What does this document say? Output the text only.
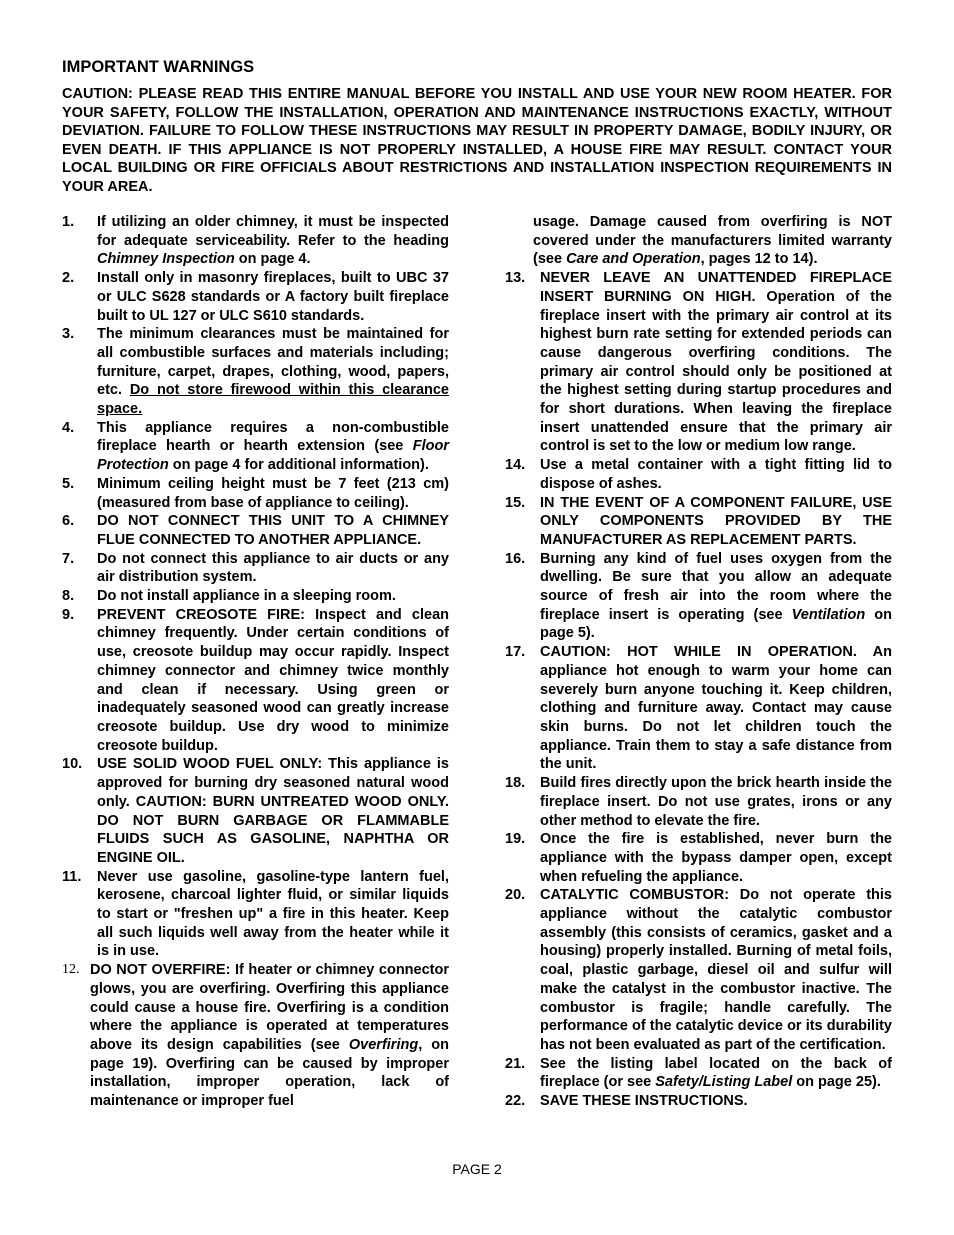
IMPORTANT WARNINGS

CAUTION: PLEASE READ THIS ENTIRE MANUAL BEFORE YOU INSTALL AND USE YOUR NEW ROOM HEATER. FOR YOUR SAFETY, FOLLOW THE INSTALLATION, OPERATION AND MAINTENANCE INSTRUCTIONS EXACTLY, WITHOUT DEVIATION. FAILURE TO FOLLOW THESE INSTRUCTIONS MAY RESULT IN PROPERTY DAMAGE, BODILY INJURY, OR EVEN DEATH. IF THIS APPLIANCE IS NOT PROPERLY INSTALLED, A HOUSE FIRE MAY RESULT. CONTACT YOUR LOCAL BUILDING OR FIRE OFFICIALS ABOUT RESTRICTIONS AND INSTALLATION INSPECTION REQUIREMENTS IN YOUR AREA.

1. If utilizing an older chimney, it must be inspected for adequate serviceability. Refer to the heading Chimney Inspection on page 4.
2. Install only in masonry fireplaces, built to UBC 37 or ULC S628 standards or A factory built fireplace built to UL 127 or ULC S610 standards.
3. The minimum clearances must be maintained for all combustible surfaces and materials including; furniture, carpet, drapes, clothing, wood, papers, etc. Do not store firewood within this clearance space.
4. This appliance requires a non-combustible fireplace hearth or hearth extension (see Floor Protection on page 4 for additional information).
5. Minimum ceiling height must be 7 feet (213 cm) (measured from base of appliance to ceiling).
6. DO NOT CONNECT THIS UNIT TO A CHIMNEY FLUE CONNECTED TO ANOTHER APPLIANCE.
7. Do not connect this appliance to air ducts or any air distribution system.
8. Do not install appliance in a sleeping room.
9. PREVENT CREOSOTE FIRE: Inspect and clean chimney frequently. Under certain conditions of use, creosote buildup may occur rapidly. Inspect chimney connector and chimney twice monthly and clean if necessary. Using green or inadequately seasoned wood can greatly increase creosote buildup. Use dry wood to minimize creosote buildup.
10. USE SOLID WOOD FUEL ONLY: This appliance is approved for burning dry seasoned natural wood only. CAUTION: BURN UNTREATED WOOD ONLY. DO NOT BURN GARBAGE OR FLAMMABLE FLUIDS SUCH AS GASOLINE, NAPHTHA OR ENGINE OIL.
11. Never use gasoline, gasoline-type lantern fuel, kerosene, charcoal lighter fluid, or similar liquids to start or "freshen up" a fire in this heater. Keep all such liquids well away from the heater while it is in use.
12. DO NOT OVERFIRE: If heater or chimney connector glows, you are overfiring. Overfiring this appliance could cause a house fire. Overfiring is a condition where the appliance is operated at temperatures above its design capabilities (see Overfiring, on page 19). Overfiring can be caused by improper installation, improper operation, lack of maintenance or improper fuel
usage. Damage caused from overfiring is NOT covered under the manufacturers limited warranty (see Care and Operation, pages 12 to 14).
13. NEVER LEAVE AN UNATTENDED FIREPLACE INSERT BURNING ON HIGH. Operation of the fireplace insert with the primary air control at its highest burn rate setting for extended periods can cause dangerous overfiring conditions. The primary air control should only be positioned at the highest setting during startup procedures and for short durations. When leaving the fireplace insert unattended ensure that the primary air control is set to the low or medium low range.
14. Use a metal container with a tight fitting lid to dispose of ashes.
15. IN THE EVENT OF A COMPONENT FAILURE, USE ONLY COMPONENTS PROVIDED BY THE MANUFACTURER AS REPLACEMENT PARTS.
16. Burning any kind of fuel uses oxygen from the dwelling. Be sure that you allow an adequate source of fresh air into the room where the fireplace insert is operating (see Ventilation on page 5).
17. CAUTION: HOT WHILE IN OPERATION. An appliance hot enough to warm your home can severely burn anyone touching it. Keep children, clothing and furniture away. Contact may cause skin burns. Do not let children touch the appliance. Train them to stay a safe distance from the unit.
18. Build fires directly upon the brick hearth inside the fireplace insert. Do not use grates, irons or any other method to elevate the fire.
19. Once the fire is established, never burn the appliance with the bypass damper open, except when refueling the appliance.
20. CATALYTIC COMBUSTOR: Do not operate this appliance without the catalytic combustor assembly (this consists of ceramics, gasket and a housing) properly installed. Burning of metal foils, coal, plastic garbage, diesel oil and sulfur will make the catalyst in the combustor inactive. The combustor is fragile; handle carefully. The performance of the catalytic device or its durability has not been evaluated as part of the certification.
21. See the listing label located on the back of fireplace (or see Safety/Listing Label on page 25).
22. SAVE THESE INSTRUCTIONS.

PAGE 2
